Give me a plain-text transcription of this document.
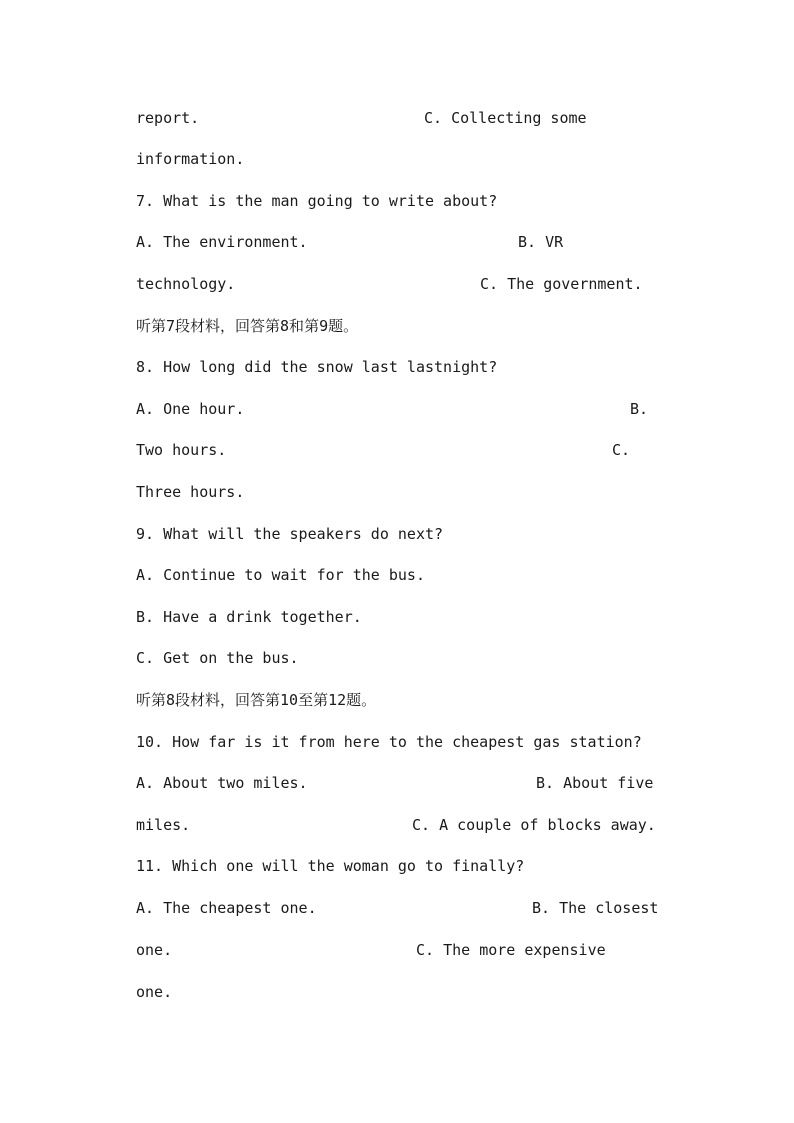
report.

	C. Collecting some

information.

7. What is the man going to write about?

A. The environment.

	B. VR

technology.

	C. The government.

听第7段材料，回答第8和第9题。

8. How long did the snow last lastnight?

A. One hour.

	B.

Two hours.

	C.

Three hours.

9. What will the speakers do next?

A. Continue to wait for the bus.

B. Have a drink together.

C. Get on the bus.

听第8段材料，回答第10至第12题。

10. How far is it from here to the cheapest gas station?

A. About two miles.

	B. About five

miles.

	C. A couple of blocks away.

11. Which one will the woman go to finally?

A. The cheapest one.

	B. The closest

one.

	C. The more expensive

one.
